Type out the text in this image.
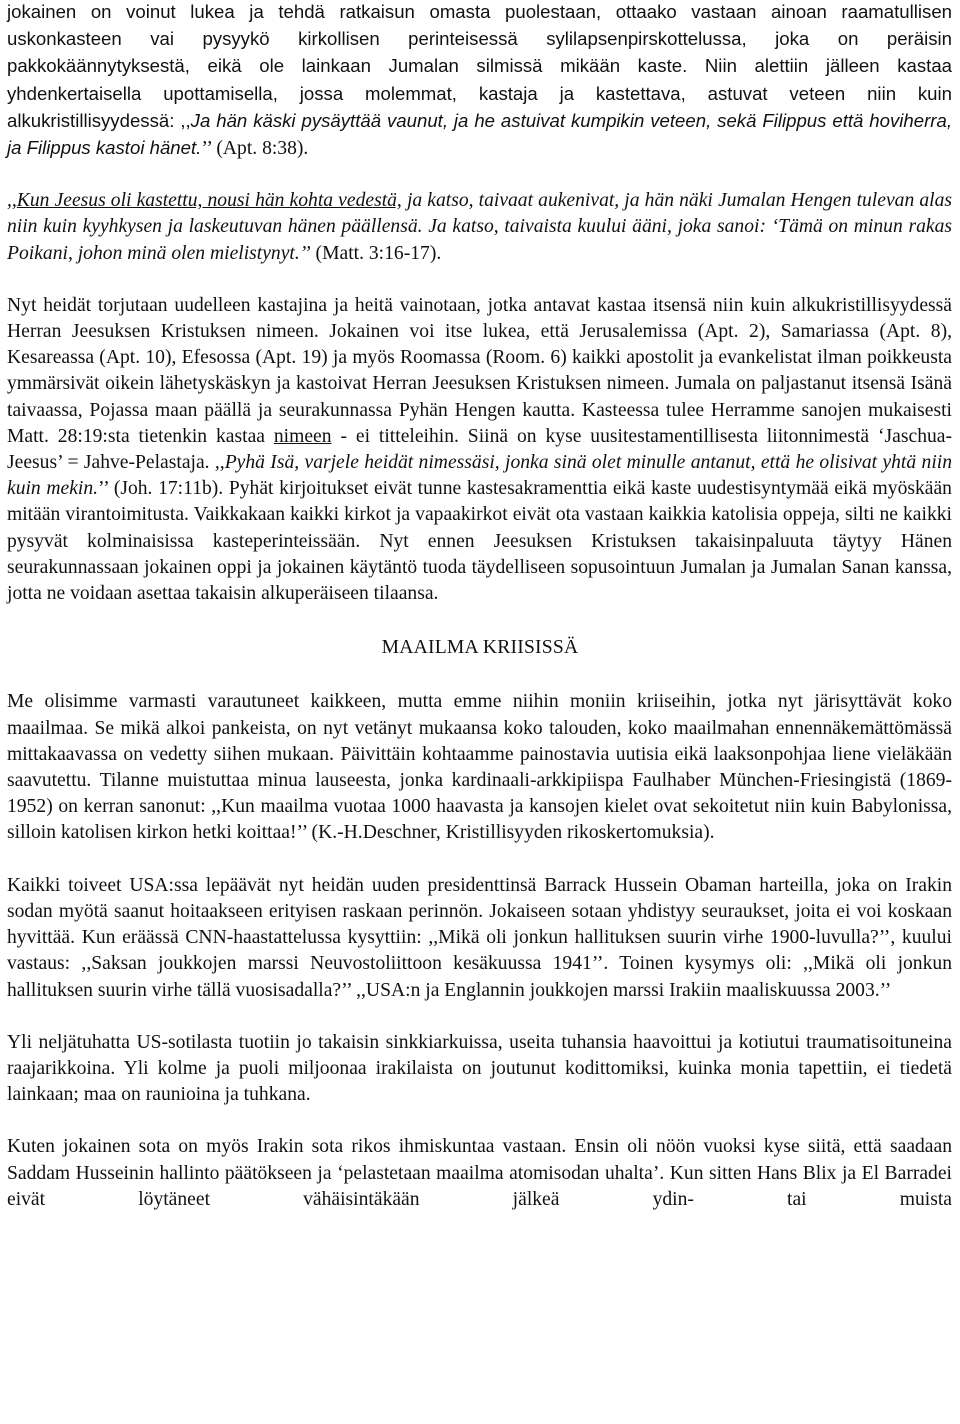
jokainen on voinut lukea ja tehdä ratkaisun omasta puolestaan, ottaako vastaan ainoan raamatullisen uskonkasteen vai pysyykö kirkollisen perinteisessä sylilapsenpirskottelussa, joka on peräisin pakkokäännytyksestä, eikä ole lainkaan Jumalan silmissä mikään kaste. Niin alettiin jälleen kastaa yhdenkertaisella upottamisella, jossa molemmat, kastaja ja kastettava, astuvat veteen niin kuin alkukristillisyydessä: ,,Ja hän käski pysäyttää vaunut, ja he astuivat kumpikin veteen, sekä Filippus että hoviherra, ja Filippus kastoi hänet.’’ (Apt. 8:38).

,,Kun Jeesus oli kastettu, nousi hän kohta vedestä, ja katso, taivaat aukenivat, ja hän näki Jumalan Hengen tulevan alas niin kuin kyyhkysen ja laskeutuvan hänen päällensä. Ja katso, taivaista kuului ääni, joka sanoi: ‘Tämä on minun rakas Poikani, johon minä olen mielistynyt.’’ (Matt. 3:16-17).

Nyt heidät torjutaan uudelleen kastajina ja heitä vainotaan, jotka antavat kastaa itsensä niin kuin alkukristillisyydessä Herran Jeesuksen Kristuksen nimeen. Jokainen voi itse lukea, että Jerusalemissa (Apt. 2), Samariassa (Apt. 8), Kesareassa (Apt. 10), Efesossa (Apt. 19) ja myös Roomassa (Room. 6) kaikki apostolit ja evankelistat ilman poikkeusta ymmärsivät oikein lähetyskäskyn ja kastoivat Herran Jeesuksen Kristuksen nimeen. Jumala on paljastanut itsensä Isänä taivaassa, Pojassa maan päällä ja seurakunnassa Pyhän Hengen kautta. Kasteessa tulee Herramme sanojen mukaisesti Matt. 28:19:sta tietenkin kastaa nimeen - ei titteleihin. Siinä on kyse uusitestamentillisesta liitonnimestä ‘Jaschua-Jeesus’ = Jahve-Pelastaja. ,,Pyhä Isä, varjele heidät nimessäsi, jonka sinä olet minulle antanut, että he olisivat yhtä niin kuin mekin.’’ (Joh. 17:11b). Pyhät kirjoitukset eivät tunne kastesakramenttia eikä kaste uudestisyntymää eikä myöskään mitään virantoimitusta. Vaikkakaan kaikki kirkot ja vapaakirkot eivät ota vastaan kaikkia katolisia oppeja, silti ne kaikki pysyvät kolminaisissa kasteperinteissään. Nyt ennen Jeesuksen Kristuksen takaisinpaluuta täytyy Hänen seurakunnassaan jokainen oppi ja jokainen käytäntö tuoda täydelliseen sopusointuun Jumalan ja Jumalan Sanan kanssa, jotta ne voidaan asettaa takaisin alkuperäiseen tilaansa.

MAAILMA KRIISISSÄ

Me olisimme varmasti varautuneet kaikkeen, mutta emme niihin moniin kriiseihin, jotka nyt järisyttävät koko maailmaa. Se mikä alkoi pankeista, on nyt vetänyt mukaansa koko talouden, koko maailmahan ennennäkemättömässä mittakaavassa on vedetty siihen mukaan. Päivittäin kohtaamme painostavia uutisia eikä laaksonpohjaa liene vieläkään saavutettu. Tilanne muistuttaa minua lauseesta, jonka kardinaali-arkkipiispa Faulhaber München-Friesingistä (1869-1952) on kerran sanonut: ,,Kun maailma vuotaa 1000 haavasta ja kansojen kielet ovat sekoitetut niin kuin Babylonissa, silloin katolisen kirkon hetki koittaa!’’ (K.-H.Deschner, Kristillisyyden rikoskertomuksia).

Kaikki toiveet USA:ssa lepäävät nyt heidän uuden presidenttinsä Barrack Hussein Obaman harteilla, joka on Irakin sodan myötä saanut hoitaakseen erityisen raskaan perinnön. Jokaiseen sotaan yhdistyy seuraukset, joita ei voi koskaan hyvittää. Kun eräässä CNN-haastattelussa kysyttiin: ,,Mikä oli jonkun hallituksen suurin virhe 1900-luvulla?’’, kuului vastaus: ,,Saksan joukkojen marssi Neuvostoliittoon kesäkuussa 1941’’. Toinen kysymys oli: ,,Mikä oli jonkun hallituksen suurin virhe tällä vuosisadalla?’’ ,,USA:n ja Englannin joukkojen marssi Irakiin maaliskuussa 2003.’’

Yli neljätuhatta US-sotilasta tuotiin jo takaisin sinkkiarkuissa, useita tuhansia haavoittui ja kotiutui traumatisoituneina raajarikkoina. Yli kolme ja puoli miljoonaa irakilaista on joutunut kodittomiksi, kuinka monia tapettiin, ei tiedetä lainkaan; maa on raunioina ja tuhkana.

Kuten jokainen sota on myös Irakin sota rikos ihmiskuntaa vastaan. Ensin oli nöön vuoksi kyse siitä, että saadaan Saddam Husseinin hallinto päätökseen ja ‘pelastetaan maailma atomisodan uhalta’. Kun sitten Hans Blix ja El Barradei eivät löytäneet vähäisintäkään jälkeä ydin- tai muista
